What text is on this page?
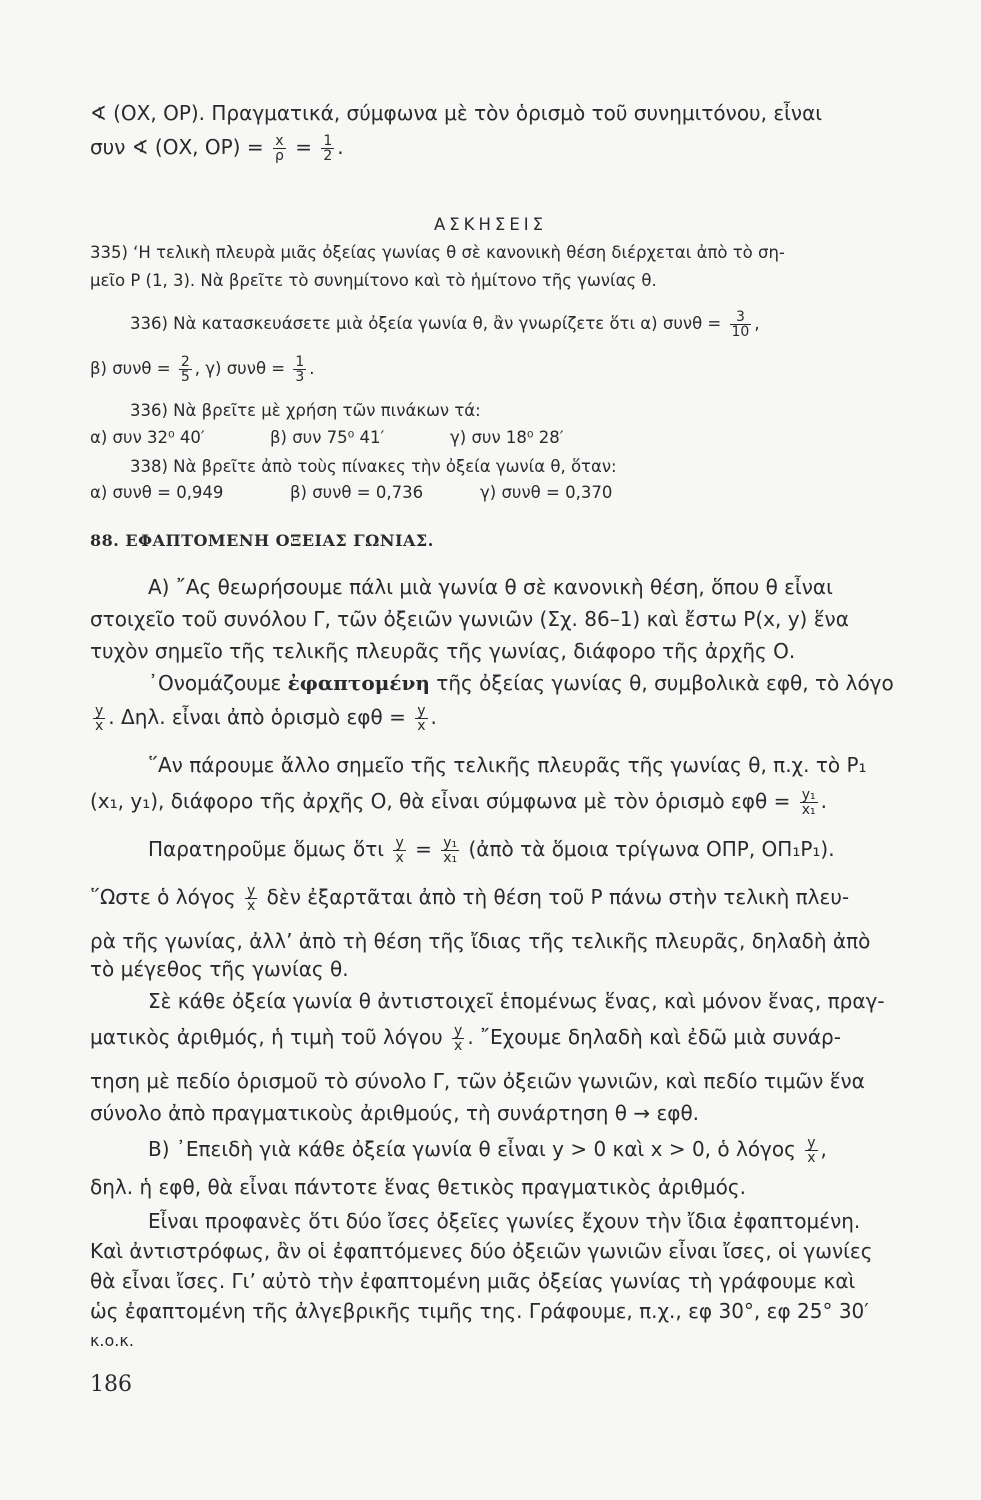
∢ (ΟΧ, ΟΡ). Πραγματικά, σύμφωνα μὲ τὸν ὁρισμὸ τοῦ συνημιτόνου, εἶναι
συν ∢ (ΟΧ, $OP) = \frac{x}{\rho} = \frac{1}{2}$ .
ΑΣΚΗΣΕΙΣ
335) ‘Η τελικὴ πλευρὰ μιᾶς ὀξείας γωνίας θ σὲ κανονικὴ θέση διέρχεται ἀπὸ τὸ ση-
μεῖο Ρ (1, 3). Νὰ βρεῖτε τὸ συνημίτονο καὶ τὸ ἡμίτονο τῆς γωνίας θ.
336) Νὰ κατασκευάσετε μιὰ ὀξεία γωνία θ, ἂν γνωρίζετε ὅτι α) $\sigma\upsilon\nu\theta = \frac{3}{10}$ ,
β) $\sigma\upsilon\nu\theta = \frac{2}{5}$ , γ) $\sigma\upsilon\nu\theta = \frac{1}{3}$ .
336) Νὰ βρεῖτε μὲ χρήση τῶν πινάκων τά:
α) συν 32⁰ 40′	β) συν 75⁰ 41′	γ) συν 18⁰ 28′
338) Νὰ βρεῖτε ἀπὸ τοὺς πίνακες τὴν ὀξεία γωνία θ, ὅταν:
α) συνθ = 0,949	β) συνθ = 0,736	γ) συνθ = 0,370
88. ΕΦΑΠΤΟΜΕΝΗ ΟΞΕΙΑΣ ΓΩΝΙΑΣ.
Α) ῎Ας θεωρήσουμε πάλι μιὰ γωνία θ σὲ κανονικὴ θέση, ὅπου θ εἶναι
στοιχεῖο τοῦ συνόλου Γ, τῶν ὀξειῶν γωνιῶν (Σχ. 86–1) καὶ ἔστω Ρ(x, y) ἕνα
τυχὸν σημεῖο τῆς τελικῆς πλευρᾶς τῆς γωνίας, διάφορο τῆς ἀρχῆς Ο.
᾿Ονομάζουμε ἐφαπτομένη τῆς ὀξείας γωνίας θ, συμβολικὰ εφθ, τὸ λόγο
$\frac{y}{x}$ . Δηλ. εἶναι ἀπὸ ὁρισμὸ $\varepsilon\varphi\theta = \frac{y}{x}$ .
῞Αν πάρουμε ἄλλο σημεῖο τῆς τελικῆς πλευρᾶς τῆς γωνίας θ, π.χ. τὸ Ρ₁
(x₁, y₁), διάφορο τῆς ἀρχῆς Ο, θὰ εἶναι σύμφωνα μὲ τὸν ὁρισμὸ $\varepsilon\varphi\theta = \frac{\text{y₁}}{\text{x₁}}$ .
Παρατηροῦμε ὅμως ὅτι $\frac{y}{x} = \frac{\text{y₁}}{\text{x₁}}$ (ἀπὸ τὰ ὅμοια τρίγωνα ΟΠΡ, ΟΠ₁Ρ₁).
῞Ωστε ὁ λόγος $\frac{y}{x}$ δὲν ἐξαρτᾶται ἀπὸ τὴ θέση τοῦ Ρ πάνω στὴν τελικὴ πλευ-
ρὰ τῆς γωνίας, ἀλλ’ ἀπὸ τὴ θέση τῆς ἴδιας τῆς τελικῆς πλευρᾶς, δηλαδὴ ἀπὸ
τὸ μέγεθος τῆς γωνίας θ.
Σὲ κάθε ὀξεία γωνία θ ἀντιστοιχεῖ ἑπομένως ἕνας, καὶ μόνον ἕνας, πραγ-
ματικὸς ἀριθμός, ἡ τιμὴ τοῦ λόγου $\frac{y}{x}$ . ῎Εχουμε δηλαδὴ καὶ ἐδῶ μιὰ συνάρ-
τηση μὲ πεδίο ὁρισμοῦ τὸ σύνολο Γ, τῶν ὀξειῶν γωνιῶν, καὶ πεδίο τιμῶν ἕνα
σύνολο ἀπὸ πραγματικοὺς ἀριθμούς, τὴ συνάρτηση θ → εφθ.
Β) ᾿Επειδὴ γιὰ κάθε ὀξεία γωνία θ εἶναι y > 0 καὶ x > 0, ὁ λόγος $\frac{y}{x}$ ,
δηλ. ἡ εφθ, θὰ εἶναι πάντοτε ἕνας θετικὸς πραγματικὸς ἀριθμός.
Εἶναι προφανὲς ὅτι δύο ἴσες ὀξεῖες γωνίες ἔχουν τὴν ἴδια ἐφαπτομένη.
Καὶ ἀντιστρόφως, ἂν οἱ ἐφαπτόμενες δύο ὀξειῶν γωνιῶν εἶναι ἴσες, οἱ γωνίες
θὰ εἶναι ἴσες. Γι’ αὐτὸ τὴν ἐφαπτομένη μιᾶς ὀξείας γωνίας τὴ γράφουμε καὶ
ὡς ἐφαπτομένη τῆς ἀλγεβρικῆς τιμῆς της. Γράφουμε, π.χ., εφ 30°, εφ 25° 30′
κ.ο.κ.
186
